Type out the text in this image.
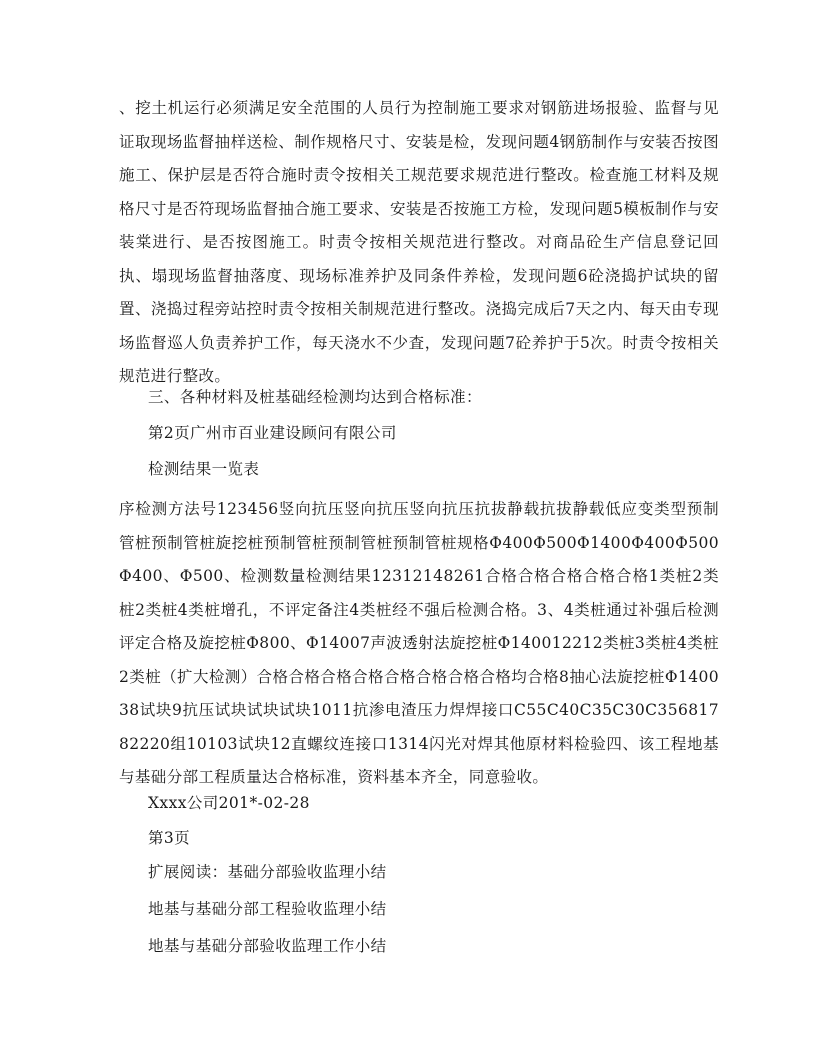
、挖土机运行必须满足安全范围的人员行为控制施工要求对钢筋进场报验、监督与见证取现场监督抽样送检、制作规格尺寸、安装是检，发现问题4钢筋制作与安装否按图施工、保护层是否符合施时责令按相关工规范要求规范进行整改。检查施工材料及规格尺寸是否符现场监督抽合施工要求、安装是否按施工方检，发现问题5模板制作与安装棠进行、是否按图施工。时责令按相关规范进行整改。对商品砼生产信息登记回执、塌现场监督抽落度、现场标准养护及同条件养检，发现问题6砼浇捣护试块的留置、浇捣过程旁站控时责令按相关制规范进行整改。浇捣完成后7天之内、每天由专现场监督巡人负责养护工作，每天浇水不少査，发现问题7砼养护于5次。时责令按相关规范进行整改。
三、各种材料及桩基础经检测均达到合格标准：
第2页广州市百业建设顾问有限公司
检测结果一览表
序检测方法号123456竖向抗压竖向抗压竖向抗压抗拔静载抗拔静载低应变类型预制管桩预制管桩旋挖桩预制管桩预制管桩预制管桩规格Φ400Φ500Φ1400Φ400Φ500Φ400、Φ500、检测数量检测结果12312148261合格合格合格合格合格1类桩2类桩2类桩4类桩增孔，不评定备注4类桩经不强后检测合格。3、4类桩通过补强后检测评定合格及旋挖桩Φ800、Φ14007声波透射法旋挖桩Φ140012212类桩3类桩4类桩2类桩（扩大检测）合格合格合格合格合格合格合格合格均合格8抽心法旋挖桩Φ140038试块9抗压试块试块试块1011抗渗电渣压力焊焊接口C55C40C35C30C35681782220组10103试块12直螺纹连接口1314闪光对焊其他原材料检验四、该工程地基与基础分部工程质量达合格标准，资料基本齐全，同意验收。
Xxxx公司201*-02-28
第3页
扩展阅读：基础分部验收监理小结
地基与基础分部工程验收监理小结
地基与基础分部验收监理工作小结
